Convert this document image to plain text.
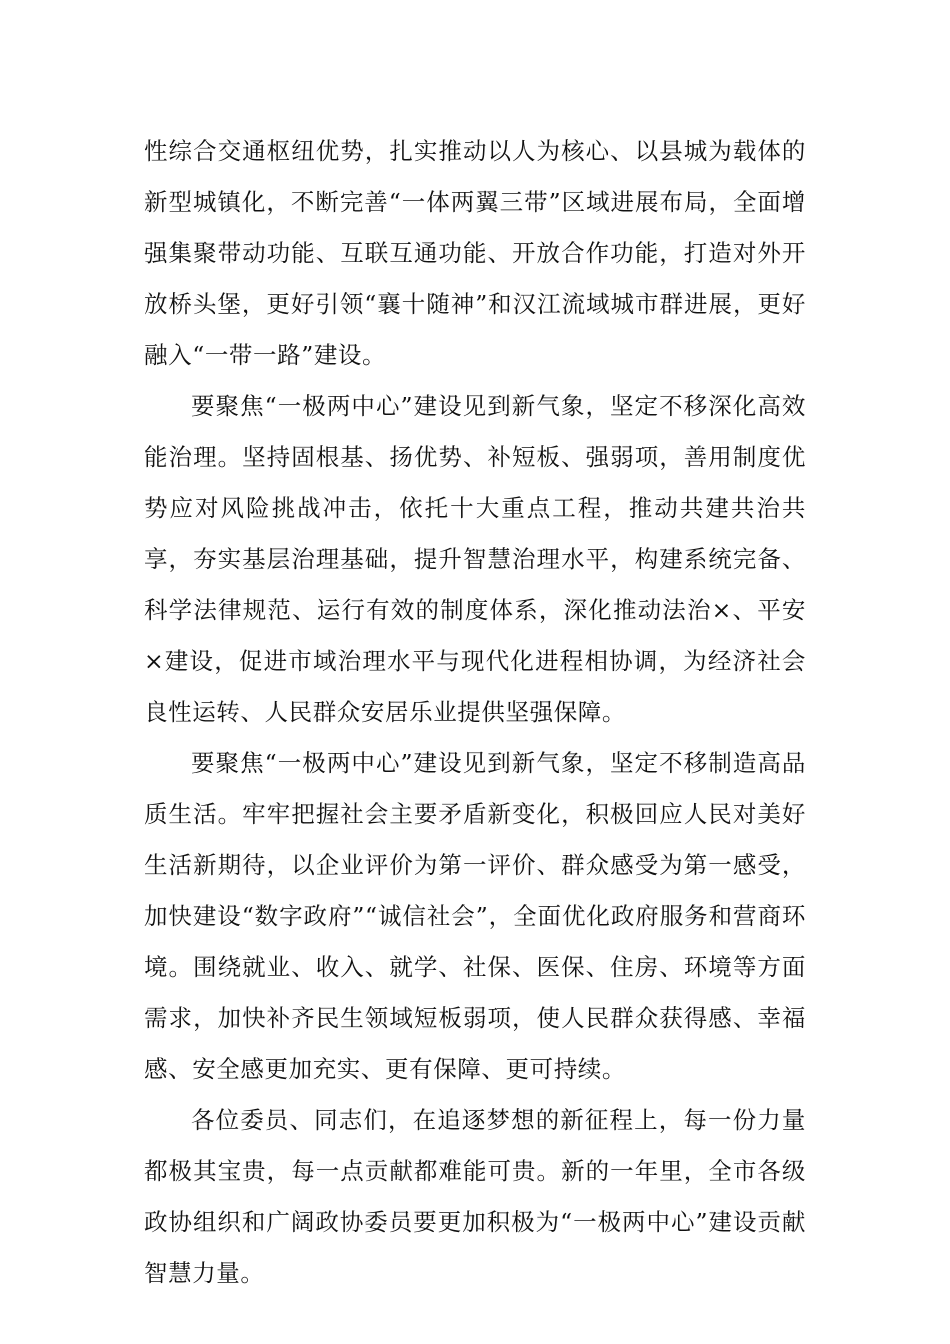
性综合交通枢纽优势，扎实推动以人为核心、以县城为载体的新型城镇化，不断完善“一体两翼三带”区域进展布局，全面增强集聚带动功能、互联互通功能、开放合作功能，打造对外开放桥头堡，更好引领“襄十随神”和汉江流域城市群进展，更好融入“一带一路”建设。

要聚焦“一极两中心”建设见到新气象，坚定不移深化高效能治理。坚持固根基、扬优势、补短板、强弱项，善用制度优势应对风险挑战冲击，依托十大重点工程，推动共建共治共享，夯实基层治理基础，提升智慧治理水平，构建系统完备、科学法律规范、运行有效的制度体系，深化推动法治×、平安×建设，促进市域治理水平与现代化进程相协调，为经济社会良性运转、人民群众安居乐业提供坚强保障。

要聚焦“一极两中心”建设见到新气象，坚定不移制造高品质生活。牢牢把握社会主要矛盾新变化，积极回应人民对美好生活新期待，以企业评价为第一评价、群众感受为第一感受，加快建设“数字政府”“诚信社会”，全面优化政府服务和营商环境。围绕就业、收入、就学、社保、医保、住房、环境等方面需求，加快补齐民生领域短板弱项，使人民群众获得感、幸福感、安全感更加充实、更有保障、更可持续。

各位委员、同志们，在追逐梦想的新征程上，每一份力量都极其宝贵，每一点贡献都难能可贵。新的一年里，全市各级政协组织和广阔政协委员要更加积极为“一极两中心”建设贡献智慧力量。
